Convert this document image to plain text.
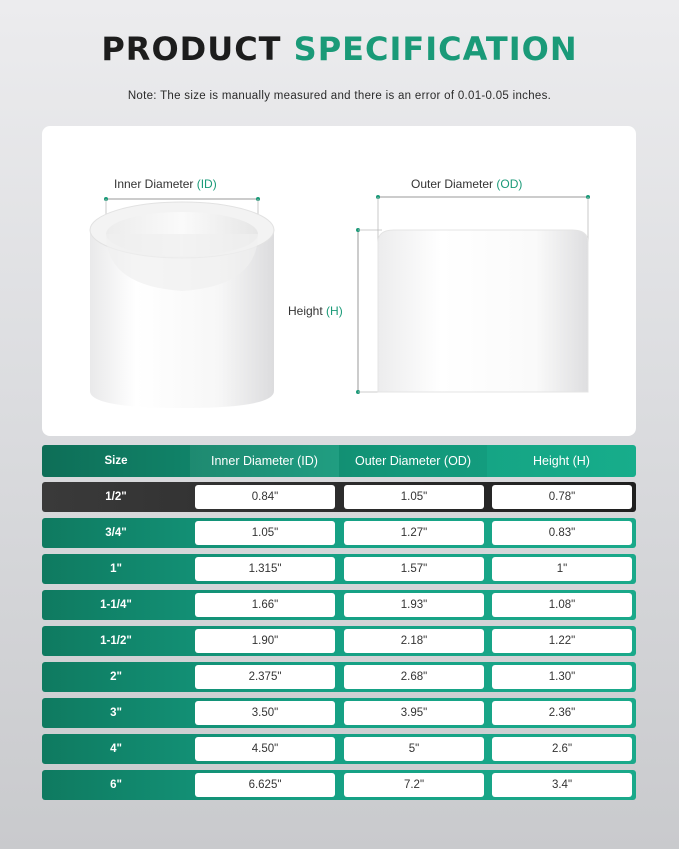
PRODUCT SPECIFICATION
Note: The size is manually measured and there is an error of 0.01-0.05 inches.
Inner Diameter (ID)	Outer Diameter (OD)
Height (H)
Size	Inner Diameter (ID)	Outer Diameter (OD)	Height (H)
1/2"	0.84"	1.05"	0.78"
3/4"	1.05"	1.27"	0.83"
1"	1.315"	1.57"	1"
1-1/4"	1.66"	1.93"	1.08"
1-1/2"	1.90"	2.18"	1.22"
2"	2.375"	2.68"	1.30"
3"	3.50"	3.95"	2.36"
4"	4.50"	5"	2.6"
6"	6.625"	7.2"	3.4"
